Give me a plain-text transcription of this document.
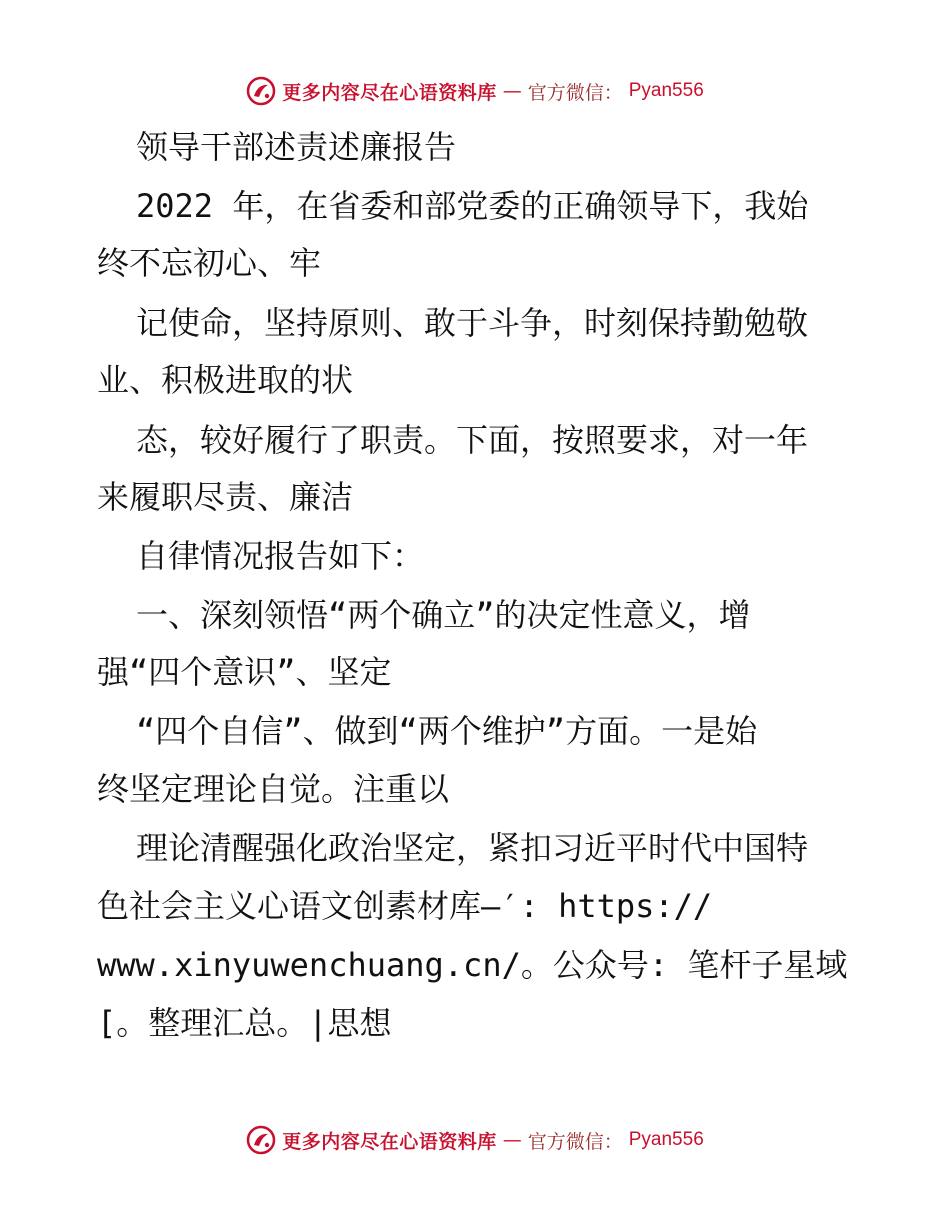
更多内容尽在心语资料库 — 官方微信： Pyan556
领导干部述责述廉报告
2022 年，在省委和部党委的正确领导下，我始
终不忘初心、牢
记使命，坚持原则、敢于斗争，时刻保持勤勉敬
业、积极进取的状
态，较好履行了职责。下面，按照要求，对一年
来履职尽责、廉洁
自律情况报告如下：
一、深刻领悟“两个确立”的决定性意义，增
强“四个意识”、坚定
“四个自信”、做到“两个维护”方面。一是始
终坚定理论自觉。注重以
理论清醒强化政治坚定，紧扣习近平时代中国特
色社会主义心语文创素材库—′: https://
www.xinyuwenchuang.cn/。公众号: 笔杆子星域
[。整理汇总。|思想
更多内容尽在心语资料库 — 官方微信： Pyan556
